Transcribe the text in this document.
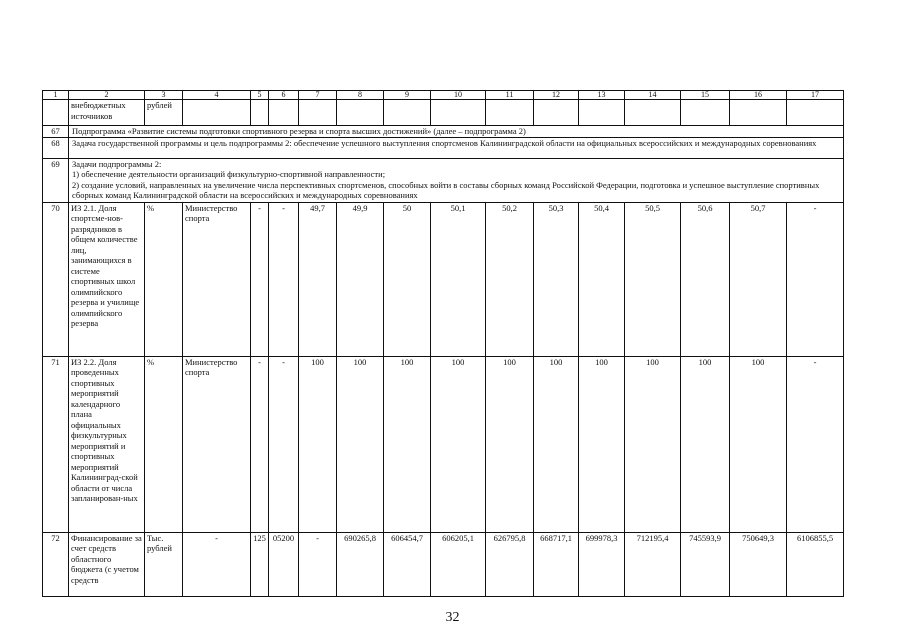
1	2	3	4	5	6	7	8	9	10	11	12	13	14	15	16	17
	внебюджетных источников	рублей														
67	Подпрограмма «Развитие системы подготовки спортивного резерва и спорта высших достижений» (далее – подпрограмма 2)															
68	Задача государственной программы и цель подпрограммы 2: обеспечение успешного выступления спортсменов Калининградской области на официальных всероссийских и международных соревнованиях															
69	Задачи подпрограммы 2:
1) обеспечение деятельности организаций физкультурно-спортивной направленности;
2) создание условий, направленных на увеличение числа перспективных спортсменов, способных войти в составы сборных команд Российской Федерации, подготовка и успешное выступление спортивных сборных команд Калининградской области на всероссийских и международных соревнованиях															

70	ИЗ 2.1. Доля спортсме-нов-разрядников в общем количестве лиц, занимающихся в системе спортивных школ олимпийского резерва и училище олимпийского резерва	%	Министерство спорта	-	-	49,7	49,9	50	50,1	50,2	50,3	50,4	50,5	50,6	50,7	-
71	ИЗ 2.2. Доля проведенных спортивных мероприятий календарного плана официальных физкультурных мероприятий и спортивных мероприятий Калининград-ской области от числа запланирован-ных	%	Министерство спорта	-	-	100	100	100	100	100	100	100	100	100	100	-
72	Финансирование за счет средств областного бюджета (с учетом средств	Тыс. рублей	-	125	05200	-	690265,8	606454,7	606205,1	626795,8	668717,1	699978,3	712195,4	745593,9	750649,3	6106855,5
32
